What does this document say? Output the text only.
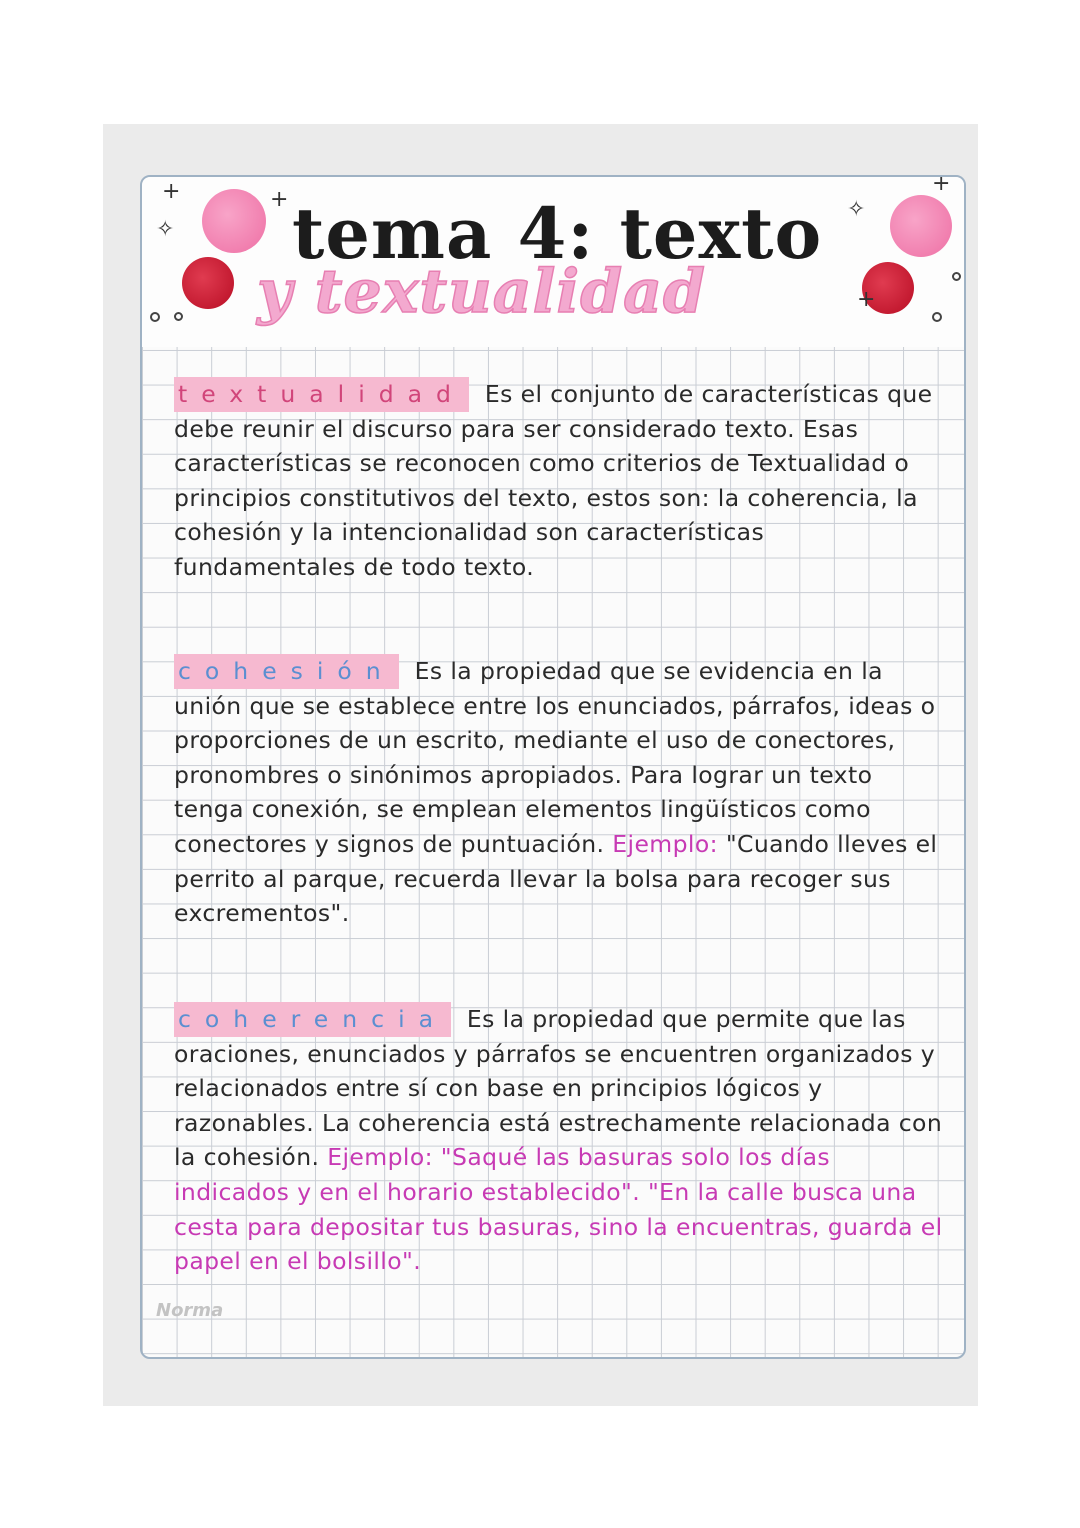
+
✧
+
+
✧
+
tema 4: texto
y textualidad

textualidad Es el conjunto de características que debe reunir el discurso para ser considerado texto. Esas características se reconocen como criterios de Textualidad o principios constitutivos del texto, estos son: la coherencia, la cohesión y la intencionalidad son características fundamentales de todo texto.

cohesión Es la propiedad que se evidencia en la unión que se establece entre los enunciados, párrafos, ideas o proporciones de un escrito, mediante el uso de conectores, pronombres o sinónimos apropiados. Para lograr un texto tenga conexión, se emplean elementos lingüísticos como conectores y signos de puntuación. Ejemplo: "Cuando lleves el perrito al parque, recuerda llevar la bolsa para recoger sus excrementos".

coherencia Es la propiedad que permite que las oraciones, enunciados y párrafos se encuentren organizados y relacionados entre sí con base en principios lógicos y razonables. La coherencia está estrechamente relacionada con la cohesión. Ejemplo: "Saqué las basuras solo los días indicados y en el horario establecido". "En la calle busca una cesta para depositar tus basuras, sino la encuentras, guarda el papel en el bolsillo".

Norma
